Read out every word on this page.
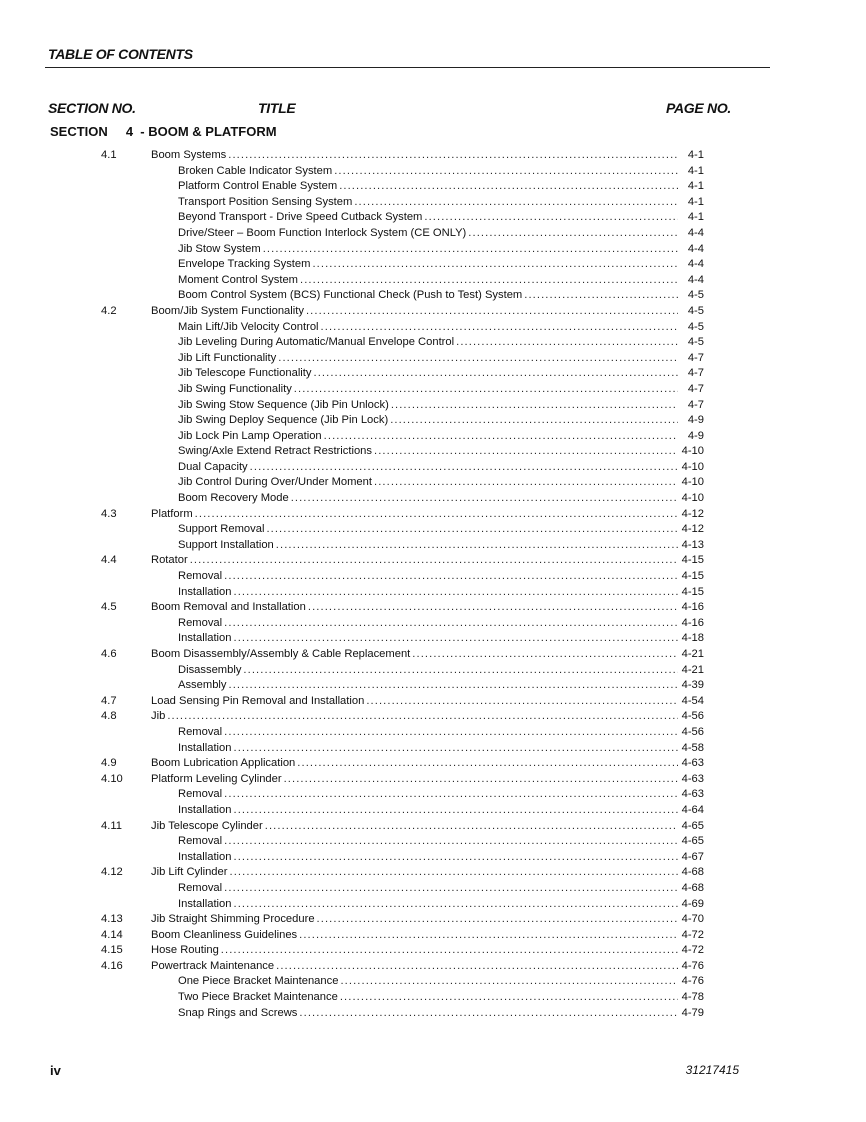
TABLE OF CONTENTS
SECTION NO.	TITLE	PAGE NO.
SECTION     4  - BOOM & PLATFORM
4.1	Boom Systems .....	4-1
Broken Cable Indicator System .....	4-1
Platform Control Enable System .....	4-1
Transport Position Sensing System .....	4-1
Beyond Transport - Drive Speed Cutback System .....	4-1
Drive/Steer – Boom Function Interlock System (CE ONLY) .....	4-4
Jib Stow System .....	4-4
Envelope Tracking System .....	4-4
Moment Control System .....	4-4
Boom Control System (BCS) Functional Check (Push to Test) System .....	4-5
4.2	Boom/Jib System Functionality .....	4-5
Main Lift/Jib Velocity Control .....	4-5
Jib Leveling During Automatic/Manual Envelope Control .....	4-5
Jib Lift Functionality .....	4-7
Jib Telescope Functionality .....	4-7
Jib Swing Functionality .....	4-7
Jib Swing Stow Sequence (Jib Pin Unlock) .....	4-7
Jib Swing Deploy Sequence (Jib Pin Lock) .....	4-9
Jib Lock Pin Lamp Operation .....	4-9
Swing/Axle Extend Retract Restrictions .....	4-10
Dual Capacity .....	4-10
Jib Control During Over/Under Moment .....	4-10
Boom Recovery Mode .....	4-10
4.3	Platform .....	4-12
Support Removal .....	4-12
Support Installation .....	4-13
4.4	Rotator .....	4-15
Removal .....	4-15
Installation .....	4-15
4.5	Boom Removal and Installation .....	4-16
Removal .....	4-16
Installation .....	4-18
4.6	Boom Disassembly/Assembly & Cable Replacement .....	4-21
Disassembly .....	4-21
Assembly .....	4-39
4.7	Load Sensing Pin Removal and Installation .....	4-54
4.8	Jib .....	4-56
Removal .....	4-56
Installation .....	4-58
4.9	Boom Lubrication Application .....	4-63
4.10	Platform Leveling Cylinder .....	4-63
Removal .....	4-63
Installation .....	4-64
4.11	Jib Telescope Cylinder .....	4-65
Removal .....	4-65
Installation .....	4-67
4.12	Jib Lift Cylinder .....	4-68
Removal .....	4-68
Installation .....	4-69
4.13	Jib Straight Shimming Procedure .....	4-70
4.14	Boom Cleanliness Guidelines .....	4-72
4.15	Hose Routing .....	4-72
4.16	Powertrack Maintenance .....	4-76
One Piece Bracket Maintenance .....	4-76
Two Piece Bracket Maintenance .....	4-78
Snap Rings and Screws .....	4-79
iv	31217415
